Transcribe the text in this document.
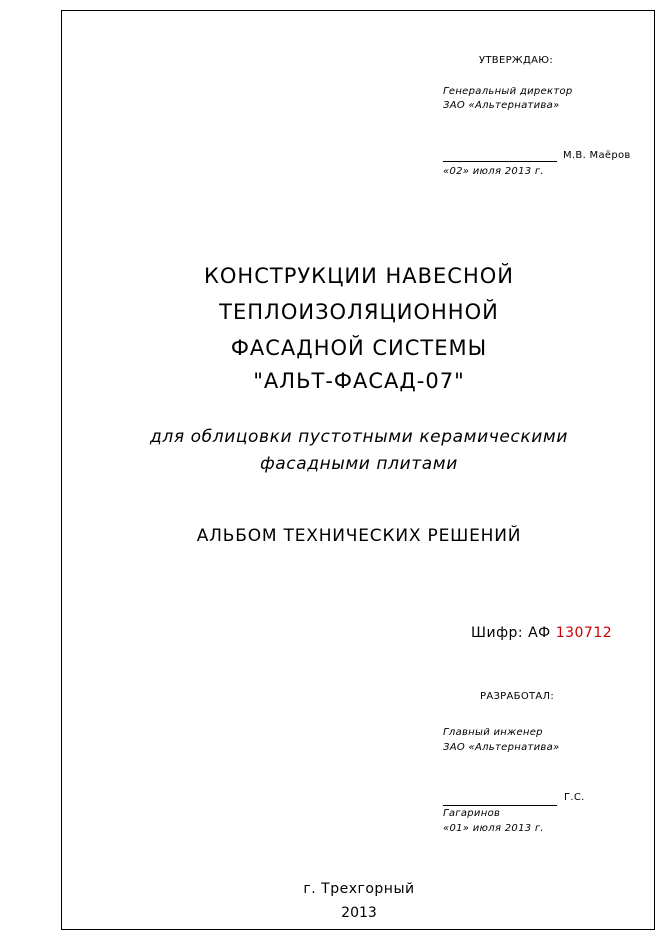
УТВЕРЖДАЮ:
Генеральный директор
ЗАО «Альтернатива»
М.В. Маёров
«02» июля 2013 г.
КОНСТРУКЦИИ НАВЕСНОЙ
ТЕПЛОИЗОЛЯЦИОННОЙ
ФАСАДНОЙ СИСТЕМЫ
"АЛЬТ-ФАСАД-07"
для облицовки пустотными керамическими
фасадными плитами
АЛЬБОМ ТЕХНИЧЕСКИХ РЕШЕНИЙ
Шифр: АФ 130712
РАЗРАБОТАЛ:
Главный инженер
ЗАО «Альтернатива»
Г.С.
Гагаринов
«01» июля 2013 г.
г. Трехгорный
2013
